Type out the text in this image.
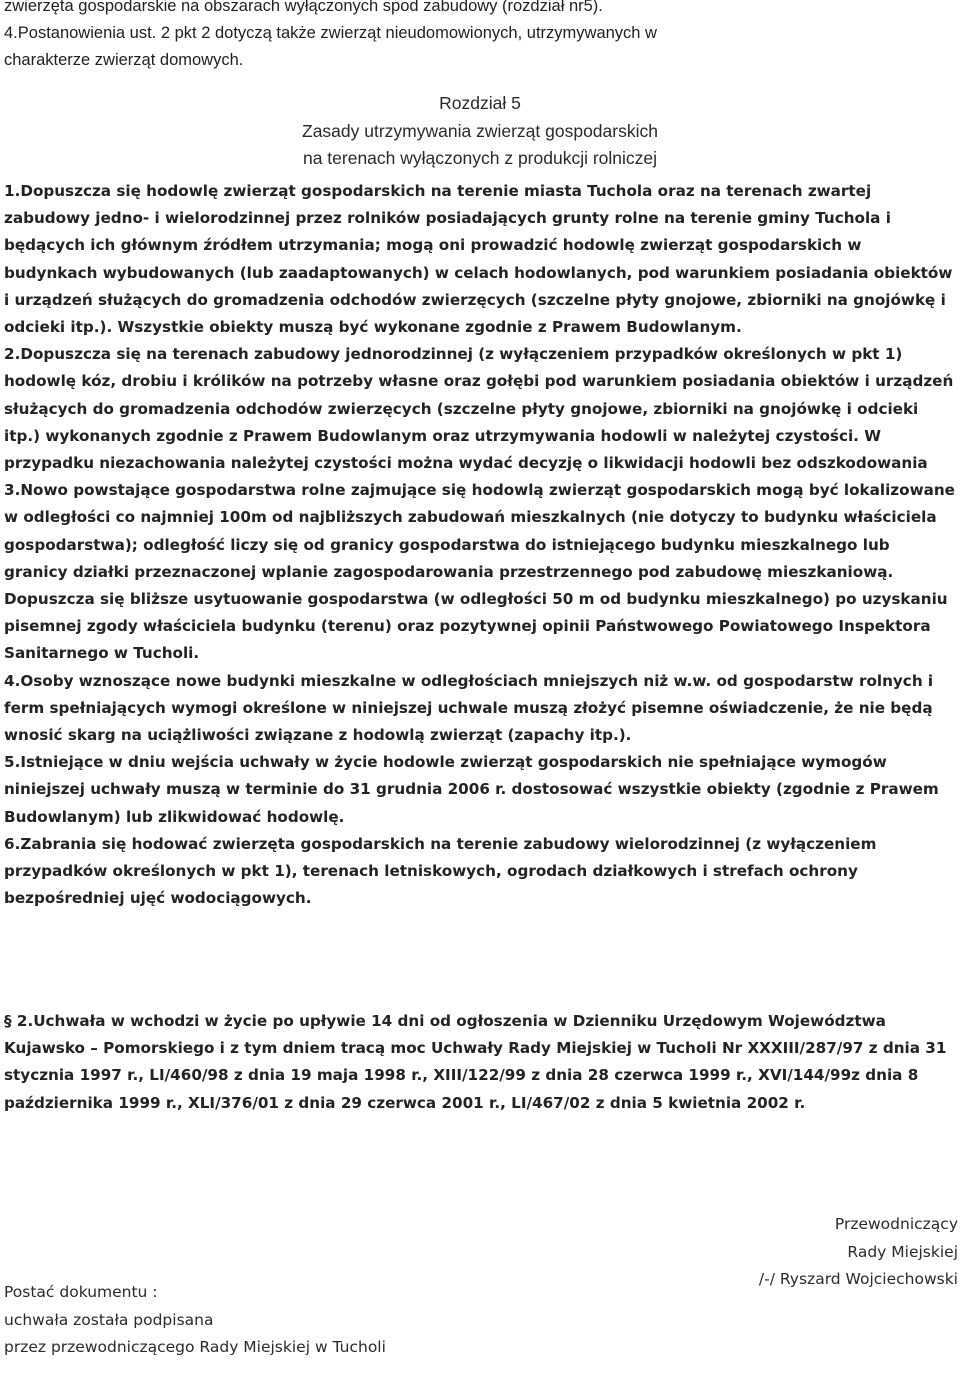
zwierzęta gospodarskie na obszarach wyłączonych spod zabudowy (rozdział nr5).

4.Postanowienia ust. 2 pkt 2 dotyczą także zwierząt nieudomowionych, utrzymywanych w

charakterze zwierząt domowych.

Rozdział 5
Zasady utrzymywania zwierząt gospodarskich
na terenach wyłączonych z produkcji rolniczej

1.Dopuszcza się hodowlę zwierząt gospodarskich na terenie miasta Tuchola oraz na terenach zwartej zabudowy jedno- i wielorodzinnej przez rolników posiadających grunty rolne na terenie gminy Tuchola i będących ich głównym źródłem utrzymania; mogą oni prowadzić hodowlę zwierząt gospodarskich w budynkach wybudowanych (lub zaadaptowanych) w celach hodowlanych, pod warunkiem posiadania obiektów i urządzeń służących do gromadzenia odchodów zwierzęcych (szczelne płyty gnojowe, zbiorniki na gnojówkę i odcieki itp.). Wszystkie obiekty muszą być wykonane zgodnie z Prawem Budowlanym.

2.Dopuszcza się na terenach zabudowy jednorodzinnej (z wyłączeniem przypadków określonych w pkt 1) hodowlę kóz, drobiu i królików na potrzeby własne oraz gołębi pod warunkiem posiadania obiektów i urządzeń służących do gromadzenia odchodów zwierzęcych (szczelne płyty gnojowe, zbiorniki na gnojówkę i odcieki itp.) wykonanych zgodnie z Prawem Budowlanym oraz utrzymywania hodowli w należytej czystości. W przypadku niezachowania należytej czystości można wydać decyzję o likwidacji hodowli bez odszkodowania

3.Nowo powstające gospodarstwa rolne zajmujące się hodowlą zwierząt gospodarskich mogą być lokalizowane w odległości co najmniej 100m od najbliższych zabudowań mieszkalnych (nie dotyczy to budynku właściciela gospodarstwa); odległość liczy się od granicy gospodarstwa do istniejącego budynku mieszkalnego lub granicy działki przeznaczonej wplanie zagospodarowania przestrzennego pod zabudowę mieszkaniową. Dopuszcza się bliższe usytuowanie gospodarstwa (w odległości 50 m od budynku mieszkalnego) po uzyskaniu pisemnej zgody właściciela budynku (terenu) oraz pozytywnej opinii Państwowego Powiatowego Inspektora Sanitarnego w Tucholi.

4.Osoby wznoszące nowe budynki mieszkalne w odległościach mniejszych niż w.w. od gospodarstw rolnych i ferm spełniających wymogi określone w niniejszej uchwale muszą złożyć pisemne oświadczenie, że nie będą wnosić skarg na uciążliwości związane z hodowlą zwierząt (zapachy itp.).

5.Istniejące w dniu wejścia uchwały w życie hodowle zwierząt gospodarskich nie spełniające wymogów niniejszej uchwały muszą w terminie do 31 grudnia 2006 r. dostosować wszystkie obiekty (zgodnie z Prawem Budowlanym) lub zlikwidować hodowlę.

6.Zabrania się hodować zwierzęta gospodarskich na terenie zabudowy wielorodzinnej (z wyłączeniem przypadków określonych w pkt 1), terenach letniskowych, ogrodach działkowych i strefach ochrony bezpośredniej ujęć wodociągowych.

§ 2.Uchwała w wchodzi w życie po upływie 14 dni od ogłoszenia w Dzienniku Urzędowym Województwa Kujawsko – Pomorskiego i z tym dniem tracą moc Uchwały Rady Miejskiej w Tucholi Nr XXXIII/287/97 z dnia 31 stycznia 1997 r., LI/460/98 z dnia 19 maja 1998 r., XIII/122/99 z dnia 28 czerwca 1999 r., XVI/144/99z dnia 8 października 1999 r., XLI/376/01 z dnia 29 czerwca 2001 r., LI/467/02 z dnia 5 kwietnia 2002 r.

Przewodniczący
Rady Miejskiej
/-/ Ryszard Wojciechowski
Postać dokumentu :
uchwała została podpisana
przez przewodniczącego Rady Miejskiej w Tucholi
